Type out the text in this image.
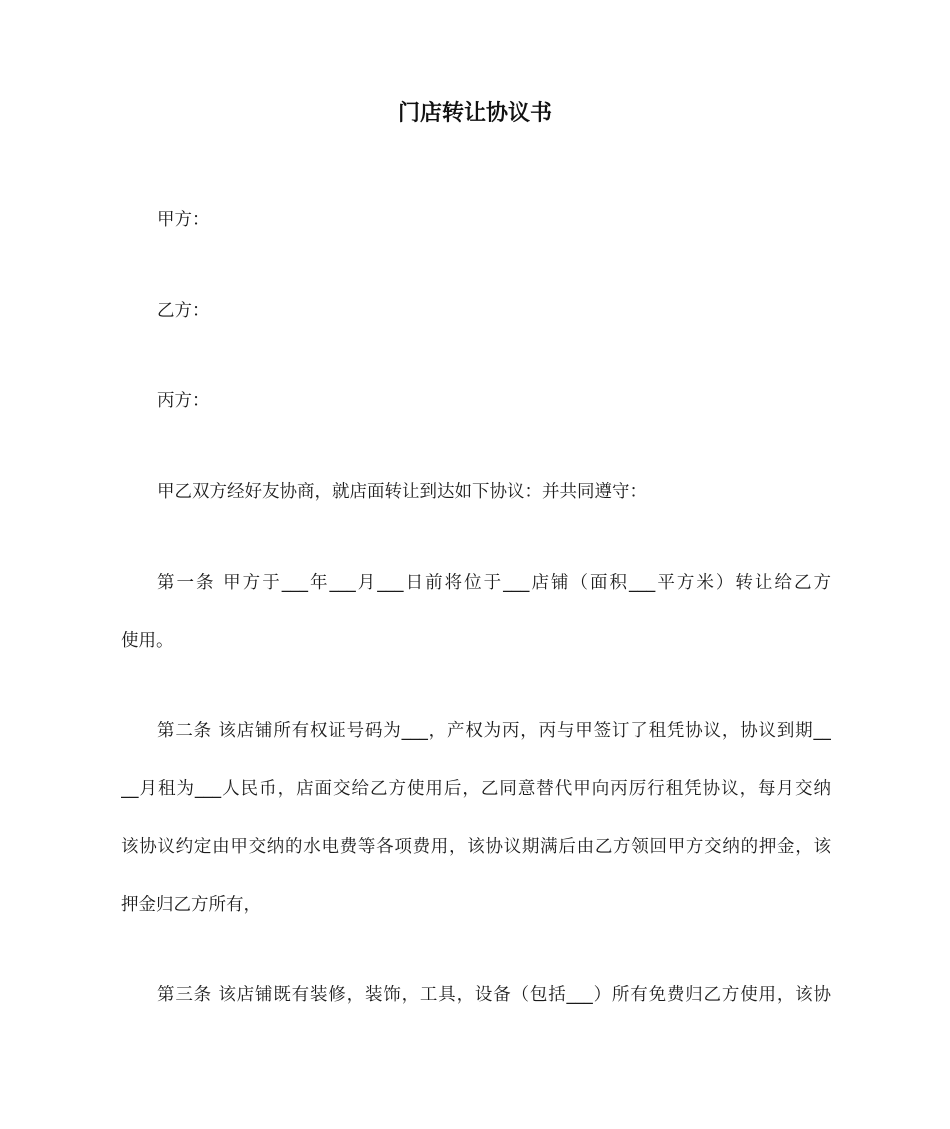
门店转让协议书
甲方：
乙方：
丙方：
甲乙双方经好友协商，就店面转让到达如下协议：并共同遵守：
第一条 甲方于___年___月___日前将位于___店铺（面积___平方米）转让给乙方
使用。
第二条 该店铺所有权证号码为___，产权为丙，丙与甲签订了租凭协议，协议到期__
__月租为___人民币，店面交给乙方使用后，乙同意替代甲向丙厉行租凭协议，每月交纳
该协议约定由甲交纳的水电费等各项费用，该协议期满后由乙方领回甲方交纳的押金，该
押金归乙方所有，
第三条 该店铺既有装修，装饰，工具，设备（包括___）所有免费归乙方使用，该协
